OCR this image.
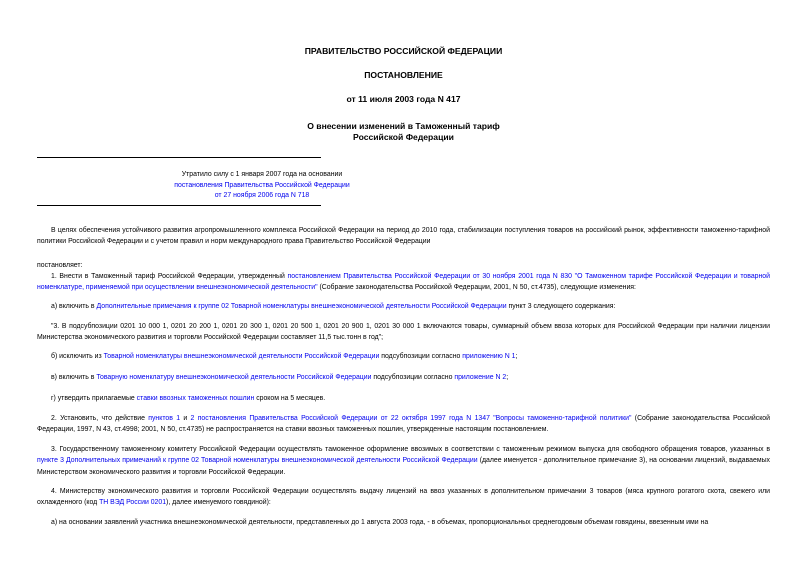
ПРАВИТЕЛЬСТВО РОССИЙСКОЙ ФЕДЕРАЦИИ
ПОСТАНОВЛЕНИЕ
от 11 июля 2003 года N 417
О внесении изменений в Таможенный тариф
Российской Федерации
Утратило силу с 1 января 2007 года на основании
постановления Правительства Российской Федерации
от 27 ноября 2006 года N 718
В целях обеспечения устойчивого развития агропромышленного комплекса Российской Федерации на период до 2010 года, стабилизации поступления товаров на российский рынок, эффективности таможенно-тарифной политики Российской Федерации и с учетом правил и норм международного права Правительство Российской Федерации
постановляет:
1. Внести в Таможенный тариф Российской Федерации, утвержденный постановлением Правительства Российской Федерации от 30 ноября 2001 года N 830 "О Таможенном тарифе Российской Федерации и товарной номенклатуре, применяемой при осуществлении внешнеэкономической деятельности" (Собрание законодательства Российской Федерации, 2001, N 50, ст.4735), следующие изменения:
а) включить в Дополнительные примечания к группе 02 Товарной номенклатуры внешнеэкономической деятельности Российской Федерации пункт 3 следующего содержания:
"3. В подсубпозиции 0201 10 000 1, 0201 20 200 1, 0201 20 300 1, 0201 20 500 1, 0201 20 900 1, 0201 30 000 1 включаются товары, суммарный объем ввоза которых для Российской Федерации при наличии лицензии Министерства экономического развития и торговли Российской Федерации составляет 11,5 тыс.тонн в год";
б) исключить из Товарной номенклатуры внешнеэкономической деятельности Российской Федерации подсубпозиции согласно приложению N 1;
в) включить в Товарную номенклатуру внешнеэкономической деятельности Российской Федерации подсубпозиции согласно приложение N 2;
г) утвердить прилагаемые ставки ввозных таможенных пошлин сроком на 5 месяцев.
2. Установить, что действие пунктов 1 и 2 постановления Правительства Российской Федерации от 22 октября 1997 года N 1347 "Вопросы таможенно-тарифной политики" (Собрание законодательства Российской Федерации, 1997, N 43, ст.4998; 2001, N 50, ст.4735) не распространяется на ставки ввозных таможенных пошлин, утвержденные настоящим постановлением.
3. Государственному таможенному комитету Российской Федерации осуществлять таможенное оформление ввозимых в соответствии с таможенным режимом выпуска для свободного обращения товаров, указанных в пункте 3 Дополнительных примечаний к группе 02 Товарной номенклатуры внешнеэкономической деятельности Российской Федерации (далее именуется - дополнительное примечание 3), на основании лицензий, выдаваемых Министерством экономического развития и торговли Российской Федерации.
4. Министерству экономического развития и торговли Российской Федерации осуществлять выдачу лицензий на ввоз указанных в дополнительном примечании 3 товаров (мяса крупного рогатого скота, свежего или охлажденного (код ТН ВЭД России 0201), далее именуемого говядиной):
а) на основании заявлений участника внешнеэкономической деятельности, представленных до 1 августа 2003 года, - в объемах, пропорциональных среднегодовым объемам говядины, ввезенным ими на
